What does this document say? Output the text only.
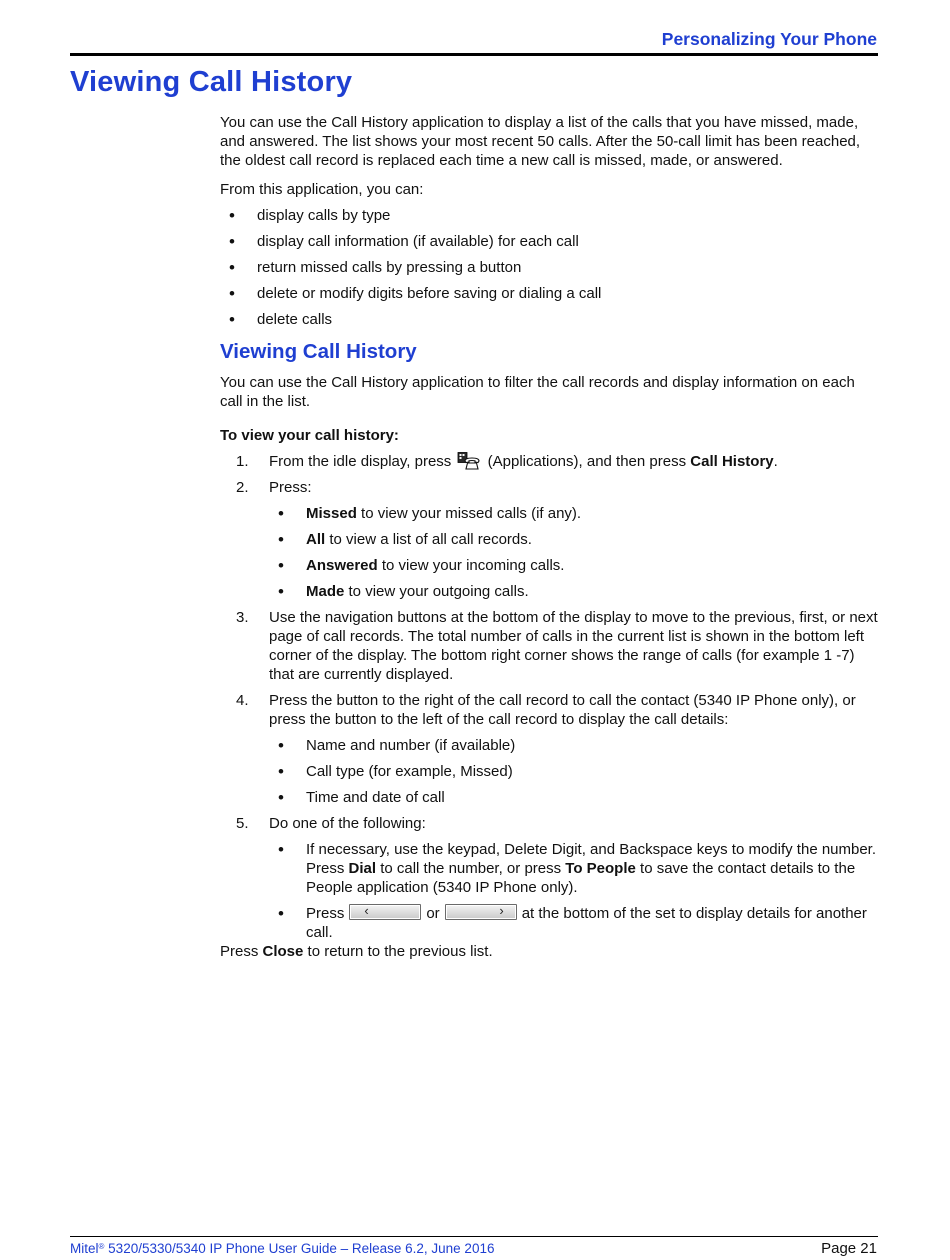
Personalizing Your Phone
Viewing Call History

You can use the Call History application to display a list of the calls that you have missed, made, and answered. The list shows your most recent 50 calls. After the 50-call limit has been reached, the oldest call record is replaced each time a new call is missed, made, or answered.

From this application, you can:

• display calls by type
• display call information (if available) for each call
• return missed calls by pressing a button
• delete or modify digits before saving or dialing a call
• delete calls
Viewing Call History

You can use the Call History application to filter the call records and display information on each call in the list.

To view your call history:

1. From the idle display, press  (Applications), and then press Call History.
2. Press:
• Missed to view your missed calls (if any).
• All to view a list of all call records.
• Answered to view your incoming calls.
• Made to view your outgoing calls.
3. Use the navigation buttons at the bottom of the display to move to the previous, first, or next page of call records. The total number of calls in the current list is shown in the bottom left corner of the display. The bottom right corner shows the range of calls (for example 1 -7) that are currently displayed.
4. Press the button to the right of the call record to call the contact (5340 IP Phone only), or press the button to the left of the call record to display the call details:
• Name and number (if available)
• Call type (for example, Missed)
• Time and date of call
5. Do one of the following:
• If necessary, use the keypad, Delete Digit, and Backspace keys to modify the number. Press Dial to call the number, or press To People to save the contact details to the People application (5340 IP Phone only).
• Press ‹	or	› at the bottom of the set to display details for another call.

Press Close to return to the previous list.

Mitel® 5320/5330/5340 IP Phone User Guide – Release 6.2, June 2016	Page 21
